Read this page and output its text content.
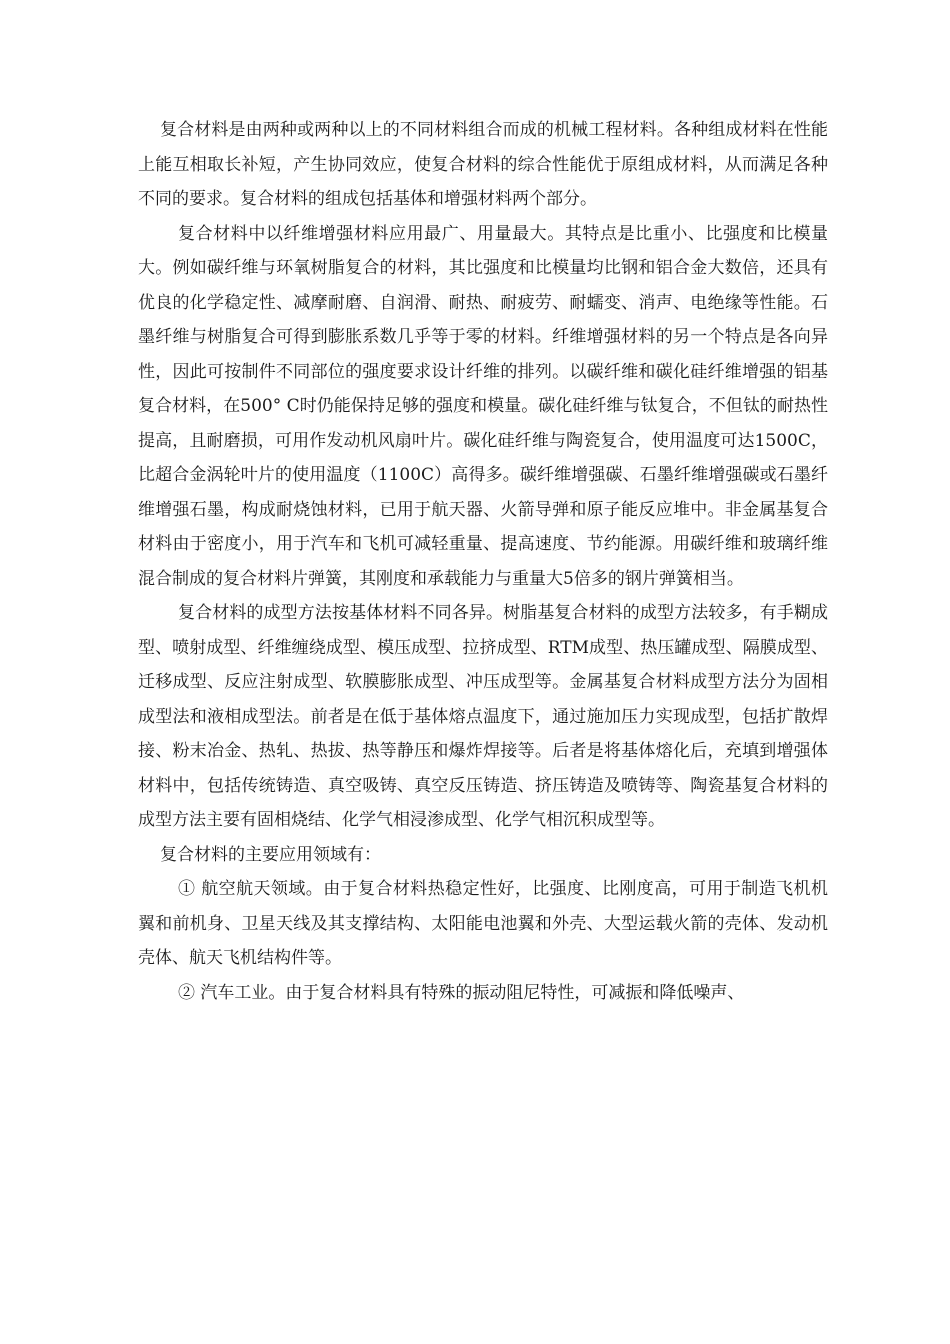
复合材料是由两种或两种以上的不同材料组合而成的机械工程材料。各种组成材料在性能上能互相取长补短，产生协同效应，使复合材料的综合性能优于原组成材料，从而满足各种不同的要求。复合材料的组成包括基体和增强材料两个部分。

复合材料中以纤维增强材料应用最广、用量最大。其特点是比重小、比强度和比模量大。例如碳纤维与环氧树脂复合的材料，其比强度和比模量均比钢和铝合金大数倍，还具有优良的化学稳定性、减摩耐磨、自润滑、耐热、耐疲劳、耐蠕变、消声、电绝缘等性能。石墨纤维与树脂复合可得到膨胀系数几乎等于零的材料。纤维增强材料的另一个特点是各向异性，因此可按制件不同部位的强度要求设计纤维的排列。以碳纤维和碳化硅纤维增强的铝基复合材料，在500° C时仍能保持足够的强度和模量。碳化硅纤维与钛复合，不但钛的耐热性提高，且耐磨损，可用作发动机风扇叶片。碳化硅纤维与陶瓷复合，使用温度可达1500C，比超合金涡轮叶片的使用温度（1100C）高得多。碳纤维增强碳、石墨纤维增强碳或石墨纤维增强石墨，构成耐烧蚀材料，已用于航天器、火箭导弹和原子能反应堆中。非金属基复合材料由于密度小，用于汽车和飞机可减轻重量、提高速度、节约能源。用碳纤维和玻璃纤维混合制成的复合材料片弹簧，其刚度和承载能力与重量大5倍多的钢片弹簧相当。

复合材料的成型方法按基体材料不同各异。树脂基复合材料的成型方法较多，有手糊成型、喷射成型、纤维缠绕成型、模压成型、拉挤成型、RTM成型、热压罐成型、隔膜成型、迁移成型、反应注射成型、软膜膨胀成型、冲压成型等。金属基复合材料成型方法分为固相成型法和液相成型法。前者是在低于基体熔点温度下，通过施加压力实现成型，包括扩散焊接、粉末冶金、热轧、热拔、热等静压和爆炸焊接等。后者是将基体熔化后，充填到增强体材料中，包括传统铸造、真空吸铸、真空反压铸造、挤压铸造及喷铸等、陶瓷基复合材料的成型方法主要有固相烧结、化学气相浸渗成型、化学气相沉积成型等。

复合材料的主要应用领域有：

① 航空航天领域。由于复合材料热稳定性好，比强度、比刚度高，可用于制造飞机机翼和前机身、卫星天线及其支撑结构、太阳能电池翼和外壳、大型运载火箭的壳体、发动机壳体、航天飞机结构件等。

② 汽车工业。由于复合材料具有特殊的振动阻尼特性，可减振和降低噪声、
